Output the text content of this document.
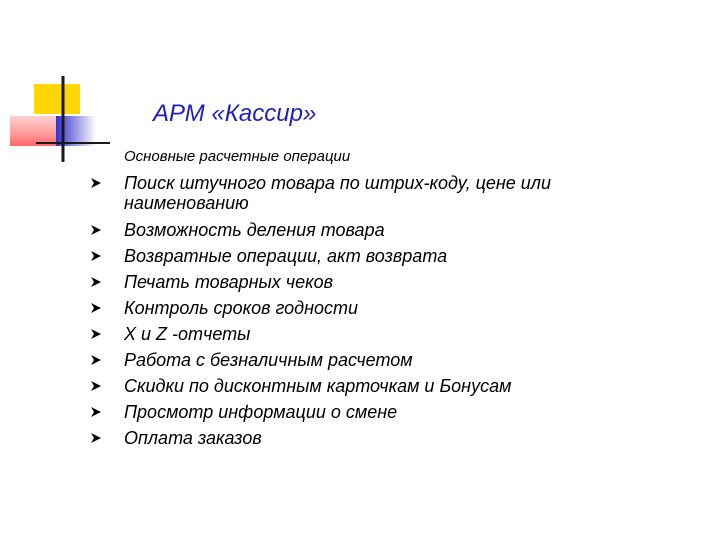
АРМ «Кассир»
Основные расчетные операции
Поиск штучного товара по штрих-коду, цене или наименованию
Возможность деления товара
Возвратные операции, акт возврата
Печать товарных чеков
Контроль сроков годности
X и Z -отчеты
Работа с безналичным расчетом
Скидки по дисконтным карточкам и Бонусам
Просмотр информации о смене
Оплата заказов
